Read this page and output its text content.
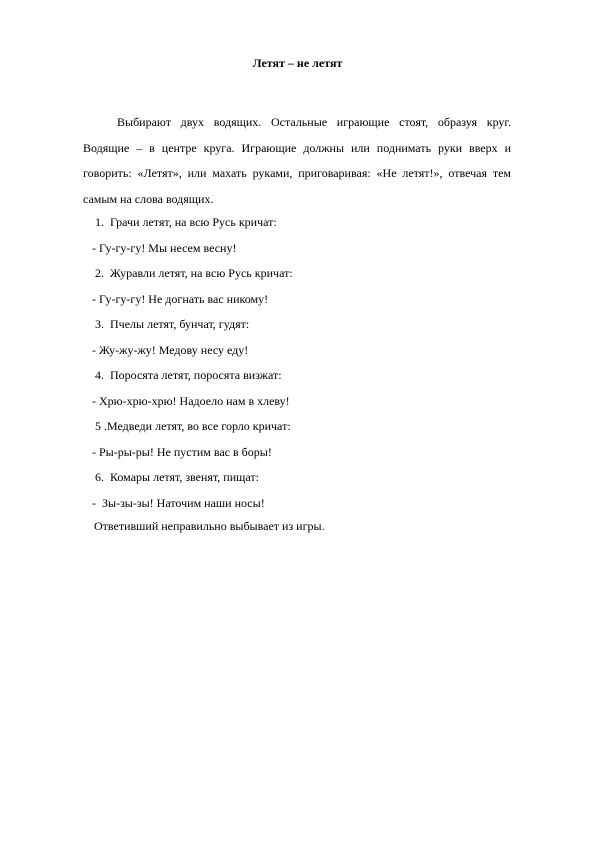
Летят – не летят

Выбирают двух водящих. Остальные играющие стоят, образуя круг. Водящие – в центре круга. Играющие должны или поднимать руки вверх и говорить: «Летят», или махать руками, приговаривая: «Не летят!», отвечая тем самым на слова водящих.

1.  Грачи летят, на всю Русь кричат:
- Гу-гу-гу! Мы несем весну!
2.  Журавли летят, на всю Русь кричат:
- Гу-гу-гу! Не догнать вас никому!
3.  Пчелы летят, бунчат, гудят:
- Жу-жу-жу! Медову несу еду!
4.  Поросята летят, поросята визжат:
- Хрю-хрю-хрю! Надоело нам в хлеву!
5 .Медведи летят, во все горло кричат:
- Ры-ры-ры! Не пустим вас в боры!
6.  Комары летят, звенят, пищат:
-  Зы-зы-зы! Наточим наши носы!
Ответивший неправильно выбывает из игры.
